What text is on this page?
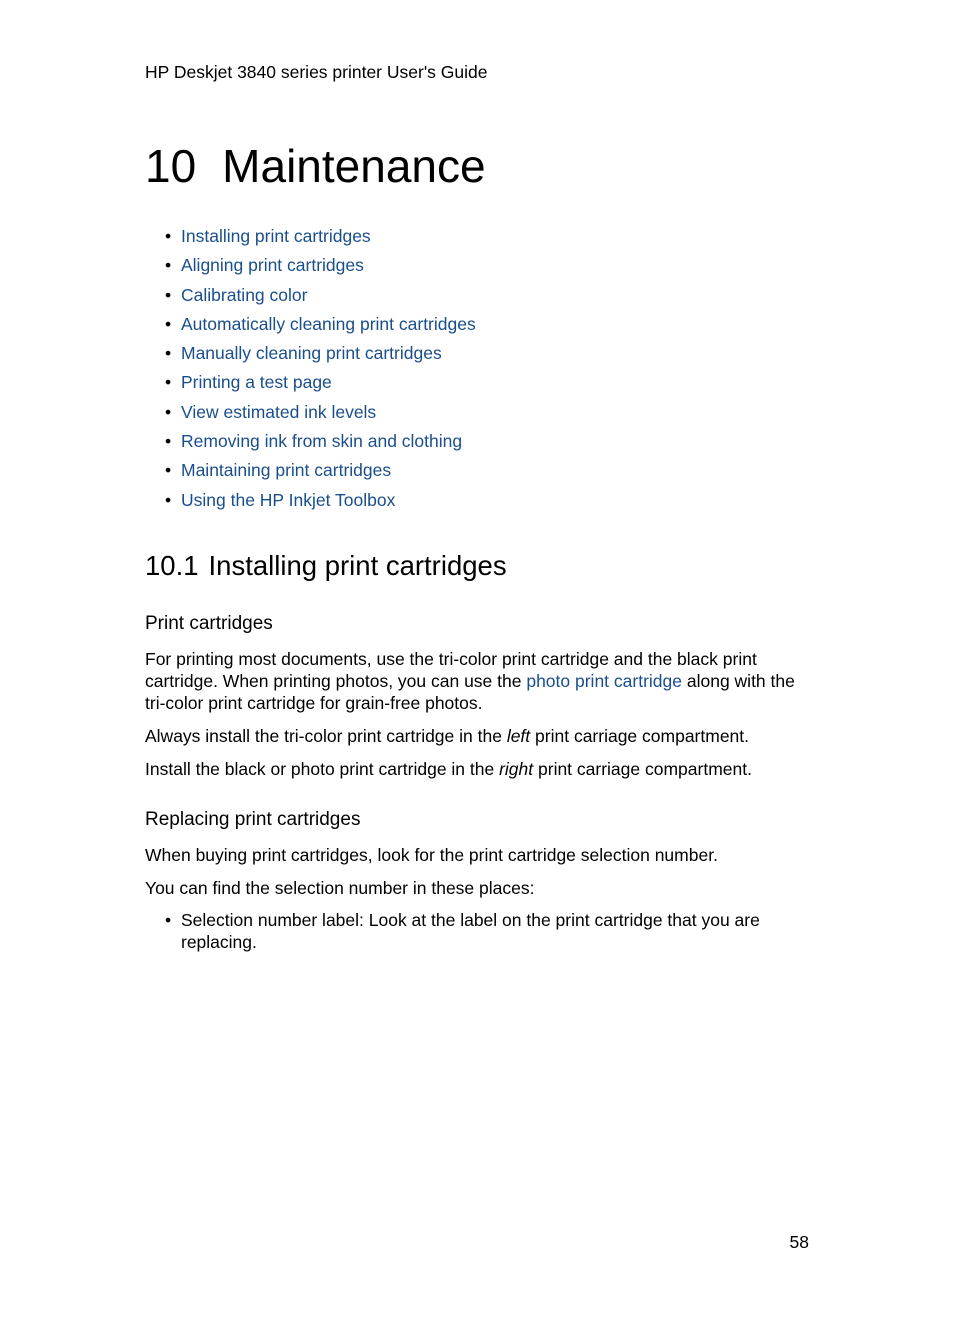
HP Deskjet 3840 series printer User's Guide
10 Maintenance
• Installing print cartridges
• Aligning print cartridges
• Calibrating color
• Automatically cleaning print cartridges
• Manually cleaning print cartridges
• Printing a test page
• View estimated ink levels
• Removing ink from skin and clothing
• Maintaining print cartridges
• Using the HP Inkjet Toolbox
10.1 Installing print cartridges
Print cartridges

For printing most documents, use the tri-color print cartridge and the black print cartridge. When printing photos, you can use the photo print cartridge along with the tri-color print cartridge for grain-free photos.

Always install the tri-color print cartridge in the left print carriage compartment.

Install the black or photo print cartridge in the right print carriage compartment.

Replacing print cartridges

When buying print cartridges, look for the print cartridge selection number.

You can find the selection number in these places:

• Selection number label: Look at the label on the print cartridge that you are replacing.
58
